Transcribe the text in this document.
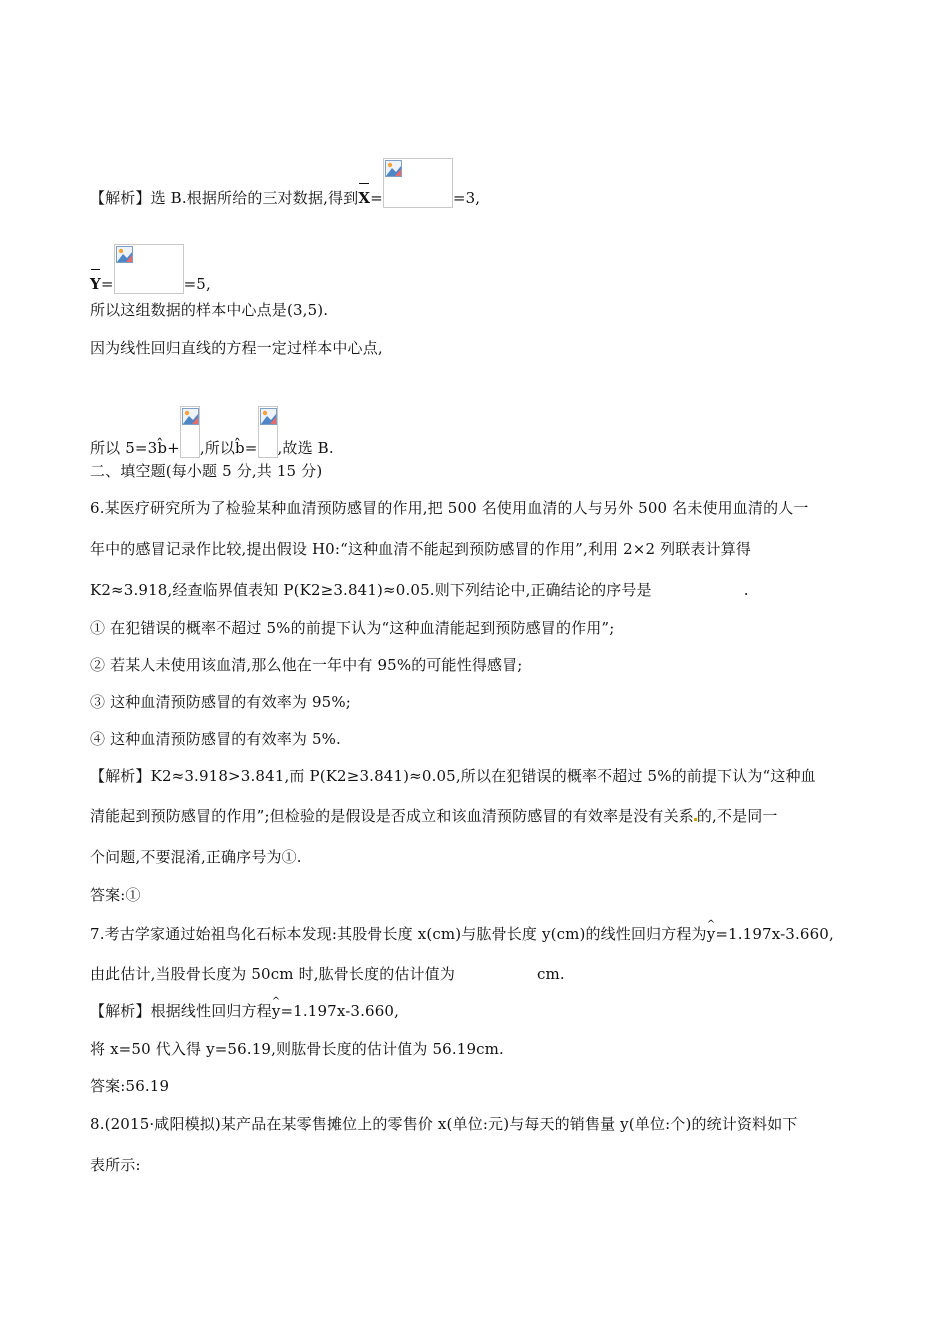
【解析】选 B.根据所给的三对数据,得到X=	=3,
Y=	=5,
所以这组数据的样本中心点是(3,5).
因为线性回归直线的方程一定过样本中心点,
所以 5=3b̂+ ,所以b̂= ,故选 B.
二、填空题(每小题 5 分,共 15 分)
6.某医疗研究所为了检验某种血清预防感冒的作用,把 500 名使用血清的人与另外 500 名未使用血清的人一
年中的感冒记录作比较,提出假设 H0:“这种血清不能起到预防感冒的作用”,利用 2×2 列联表计算得
K2≈3.918,经查临界值表知 P(K2≥3.841)≈0.05.则下列结论中,正确结论的序号是	.
① 在犯错误的概率不超过 5%的前提下认为“这种血清能起到预防感冒的作用”;
② 若某人未使用该血清,那么他在一年中有 95%的可能性得感冒;
③ 这种血清预防感冒的有效率为 95%;
④ 这种血清预防感冒的有效率为 5%.
【解析】K2≈3.918>3.841,而 P(K2≥3.841)≈0.05,所以在犯错误的概率不超过 5%的前提下认为“这种血
清能起到预防感冒的作用”;但检验的是假设是否成立和该血清预防感冒的有效率是没有关系 的,不是同一
个问题,不要混淆,正确序号为①.
答案:①
7.考古学家通过始祖鸟化石标本发现:其股骨长度 x(cm)与肱骨长度 y(cm)的线性回归方程为^ y=1.197x-3.660,
由此估计,当股骨长度为 50cm 时,肱骨长度的估计值为	cm.
【解析】根据线性回归方程^ y=1.197x-3.660,
将 x=50 代入得 y=56.19,则肱骨长度的估计值为 56.19cm.
答案:56.19
8.(2015·咸阳模拟)某产品在某零售摊位上的零售价 x(单位:元)与每天的销售量 y(单位:个)的统计资料如下
表所示:
